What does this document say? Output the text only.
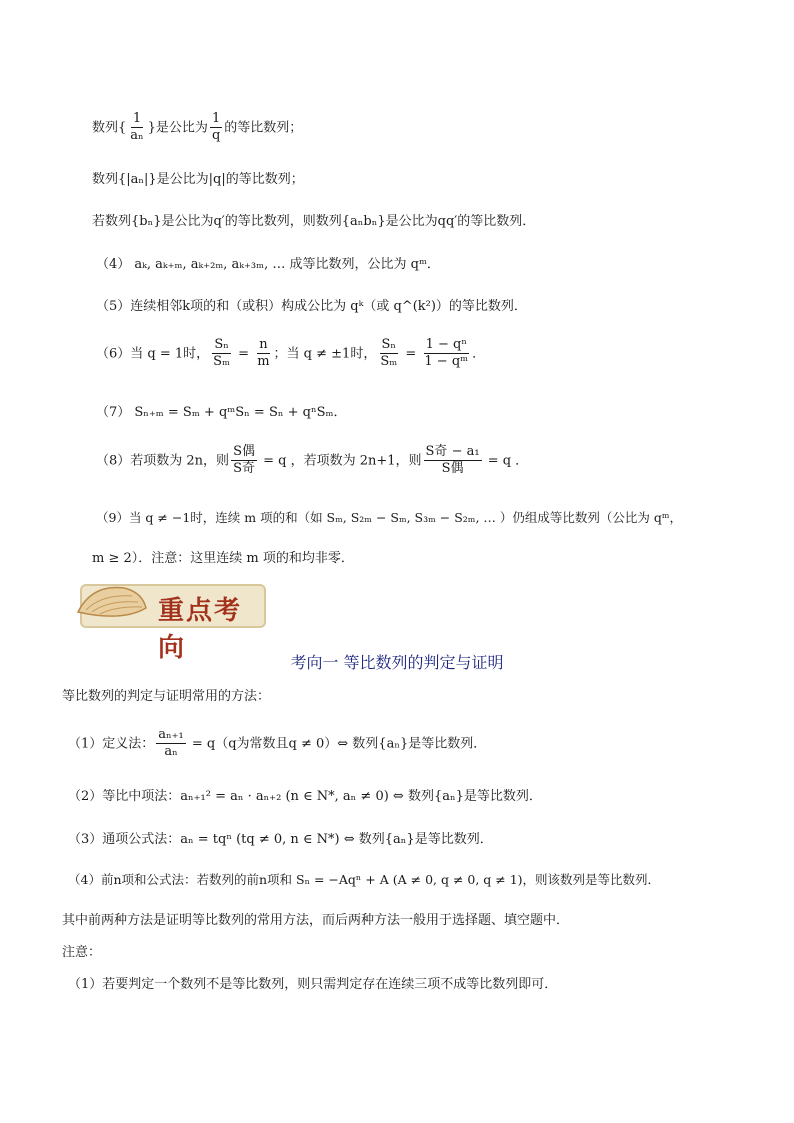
数列{ $\frac{1}{\text{aₙ}}$ }是公比为 $\frac{1}{q}$ 的等比数列；
数列{|aₙ|}是公比为|q|的等比数列；
若数列{bₙ}是公比为q′的等比数列，则数列{aₙbₙ}是公比为qq′的等比数列．
（4） aₖ, aₖ₊ₘ, aₖ₊₂ₘ, aₖ₊₃ₘ, … 成等比数列，公比为 qᵐ．
（5）连续相邻k项的和（或积）构成公比为 qᵏ（或 q^(k²)）的等比数列．
（6）当 q = 1时， $\frac{\text{Sₙ}}{\text{Sₘ}} = \frac{n}{m}$ ；当 q ≠ ±1时， $\frac{\text{Sₙ}}{\text{Sₘ}} = \frac{\text{1 − qⁿ}}{\text{1 − qᵐ}}$ ．
（7） Sₙ₊ₘ = Sₘ + qᵐSₙ = Sₙ + qⁿSₘ．
（8）若项数为 2n，则 $\frac{\text{S偶}}{\text{S奇}} = q$ ，若项数为 2n+1，则 $\frac{\text{S奇 − a₁}}{\text{S偶}} = q$ ．
（9）当 q ≠ −1时，连续 m 项的和（如 Sₘ, S₂ₘ − Sₘ, S₃ₘ − S₂ₘ, … ）仍组成等比数列（公比为 qᵐ，
m ≥ 2）．注意：这里连续 m 项的和均非零．
重点考向	考向一 等比数列的判定与证明
等比数列的判定与证明常用的方法：
（1）定义法： $\frac{\text{aₙ₊₁}}{\text{aₙ}} = q(q$为常数且q ≠ 0）⇔ 数列{aₙ}是等比数列．
（2）等比中项法：aₙ₊₁² = aₙ · aₙ₊₂ (n ∈ N*, aₙ ≠ 0) ⇔ 数列{aₙ}是等比数列．
（3）通项公式法：aₙ = tqⁿ (tq ≠ 0, n ∈ N*) ⇔ 数列{aₙ}是等比数列．
（4）前n项和公式法：若数列的前n项和 Sₙ = −Aqⁿ + A (A ≠ 0, q ≠ 0, q ≠ 1)，则该数列是等比数列．
其中前两种方法是证明等比数列的常用方法，而后两种方法一般用于选择题、填空题中．
注意：
（1）若要判定一个数列不是等比数列，则只需判定存在连续三项不成等比数列即可．
